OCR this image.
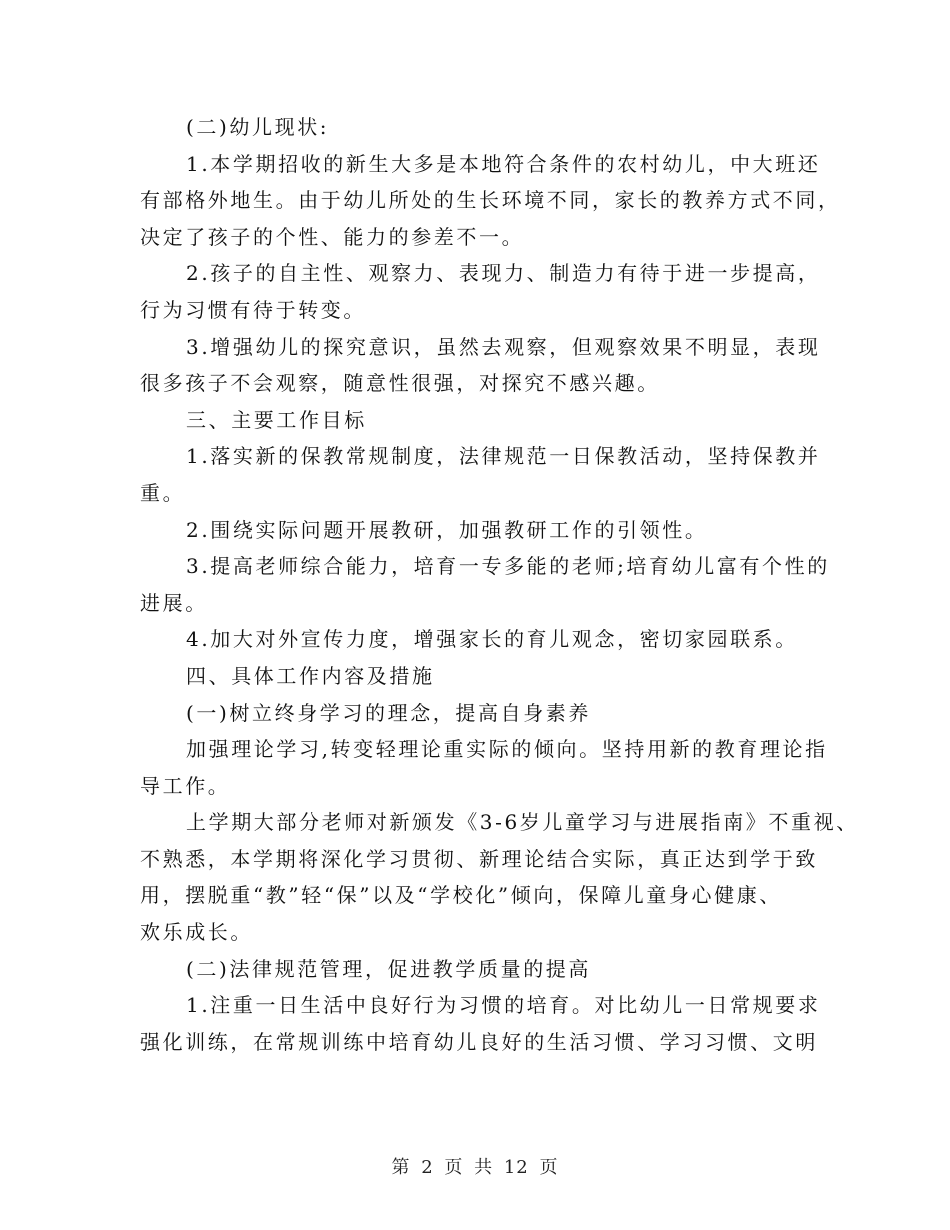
(二)幼儿现状:
1.本学期招收的新生大多是本地符合条件的农村幼儿，中大班还
有部格外地生。由于幼儿所处的生长环境不同，家长的教养方式不同，
决定了孩子的个性、能力的参差不一。
2.孩子的自主性、观察力、表现力、制造力有待于进一步提高，
行为习惯有待于转变。
3.增强幼儿的探究意识，虽然去观察，但观察效果不明显，表现
很多孩子不会观察，随意性很强，对探究不感兴趣。
三、主要工作目标
1.落实新的保教常规制度，法律规范一日保教活动，坚持保教并
重。
2.围绕实际问题开展教研，加强教研工作的引领性。
3.提高老师综合能力，培育一专多能的老师;培育幼儿富有个性的
进展。
4.加大对外宣传力度，增强家长的育儿观念，密切家园联系。
四、具体工作内容及措施
(一)树立终身学习的理念，提高自身素养
加强理论学习,转变轻理论重实际的倾向。坚持用新的教育理论指
导工作。
上学期大部分老师对新颁发《3-6岁儿童学习与进展指南》不重视、
不熟悉，本学期将深化学习贯彻、新理论结合实际，真正达到学于致
用，摆脱重“教”轻“保”以及“学校化”倾向，保障儿童身心健康、
欢乐成长。
(二)法律规范管理，促进教学质量的提高
1.注重一日生活中良好行为习惯的培育。对比幼儿一日常规要求
强化训练，在常规训练中培育幼儿良好的生活习惯、学习习惯、文明
第 2 页 共 12 页
